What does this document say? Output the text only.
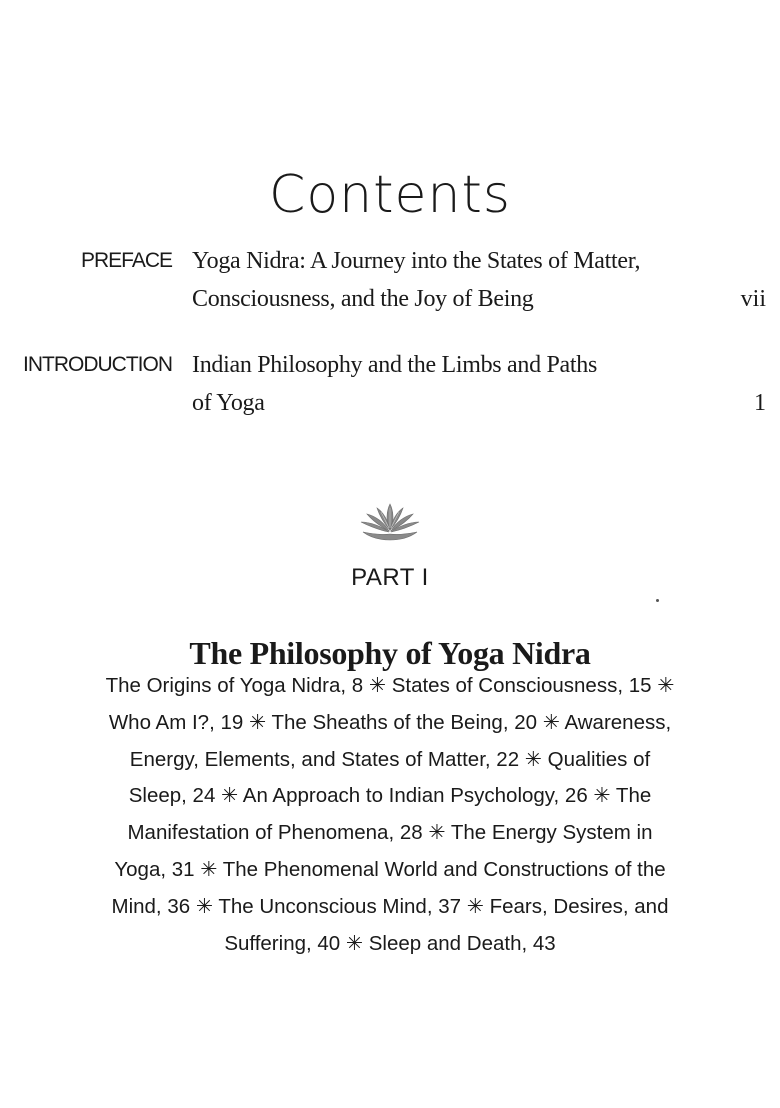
Contents
PREFACE Yoga Nidra: A Journey into the States of Matter,
Consciousness, and the Joy of Being	vii
INTRODUCTION Indian Philosophy and the Limbs and Paths
of Yoga	1
PART I
The Philosophy of Yoga Nidra
The Origins of Yoga Nidra, 8 ✳ States of Consciousness, 15 ✳
Who Am I?, 19 ✳ The Sheaths of the Being, 20 ✳ Awareness,
Energy, Elements, and States of Matter, 22 ✳ Qualities of
Sleep, 24 ✳ An Approach to Indian Psychology, 26 ✳ The
Manifestation of Phenomena, 28 ✳ The Energy System in
Yoga, 31 ✳ The Phenomenal World and Constructions of the
Mind, 36 ✳ The Unconscious Mind, 37 ✳ Fears, Desires, and
Suffering, 40 ✳ Sleep and Death, 43
